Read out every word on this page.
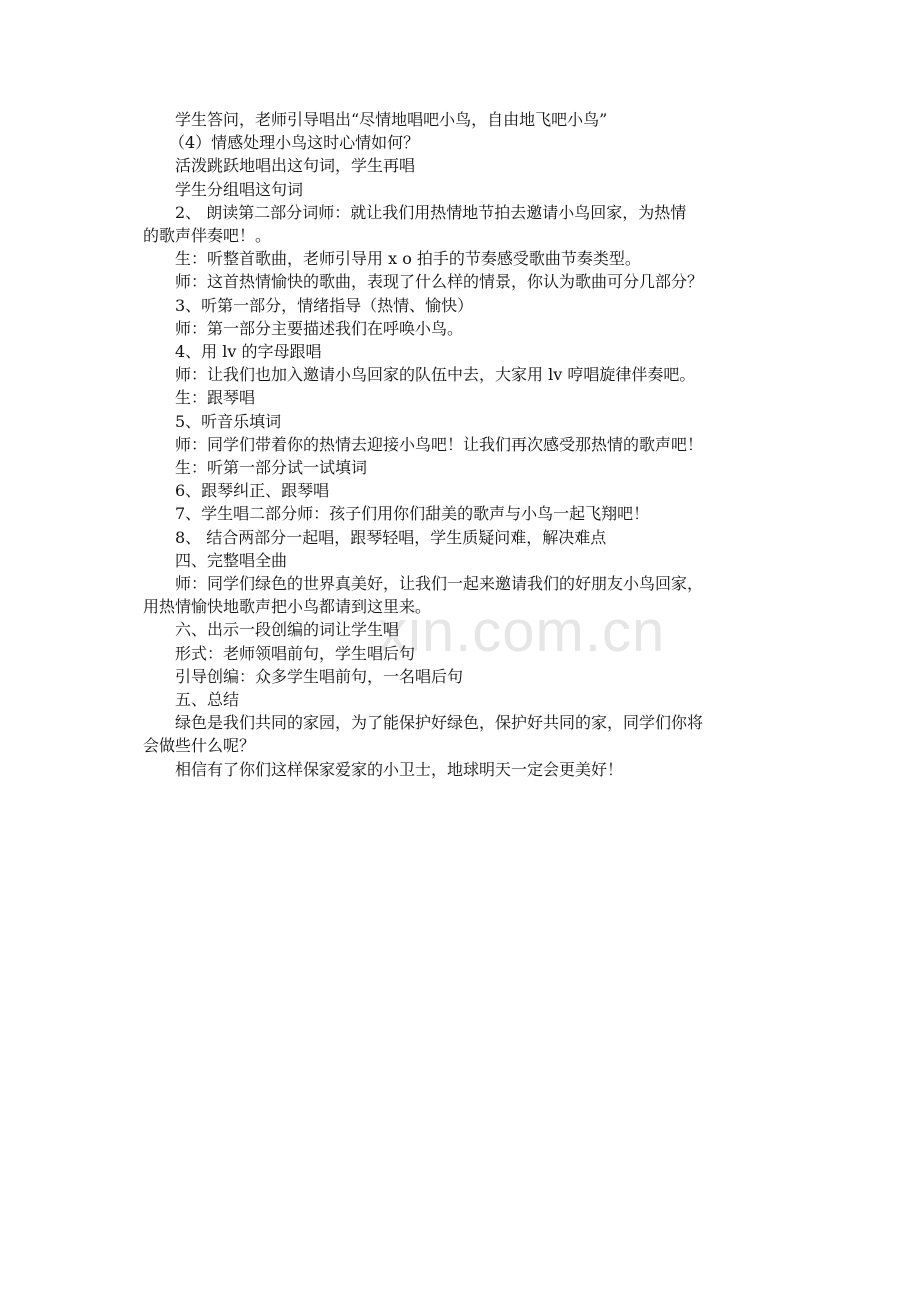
xin.com.cn
学生答问，老师引导唱出“尽情地唱吧小鸟，自由地飞吧小鸟”
（4）情感处理小鸟这时心情如何？
活泼跳跃地唱出这句词，学生再唱
学生分组唱这句词
2、 朗读第二部分词师：就让我们用热情地节拍去邀请小鸟回家，为热情
的歌声伴奏吧！。
生：听整首歌曲，老师引导用 x o 拍手的节奏感受歌曲节奏类型。
师：这首热情愉快的歌曲，表现了什么样的情景，你认为歌曲可分几部分？
3、听第一部分，情绪指导（热情、愉快）
师：第一部分主要描述我们在呼唤小鸟。
4、用 lv 的字母跟唱
师：让我们也加入邀请小鸟回家的队伍中去，大家用 lv 哼唱旋律伴奏吧。
生：跟琴唱
5、听音乐填词
师：同学们带着你的热情去迎接小鸟吧！让我们再次感受那热情的歌声吧！
生：听第一部分试一试填词
6、跟琴纠正、跟琴唱
7、学生唱二部分师：孩子们用你们甜美的歌声与小鸟一起飞翔吧！
8、 结合两部分一起唱，跟琴轻唱，学生质疑问难，解决难点
四、完整唱全曲
师：同学们绿色的世界真美好，让我们一起来邀请我们的好朋友小鸟回家，
用热情愉快地歌声把小鸟都请到这里来。
六、出示一段创编的词让学生唱
形式：老师领唱前句，学生唱后句
引导创编：众多学生唱前句，一名唱后句
五、总结
绿色是我们共同的家园，为了能保护好绿色，保护好共同的家，同学们你将
会做些什么呢？
相信有了你们这样保家爱家的小卫士，地球明天一定会更美好！
